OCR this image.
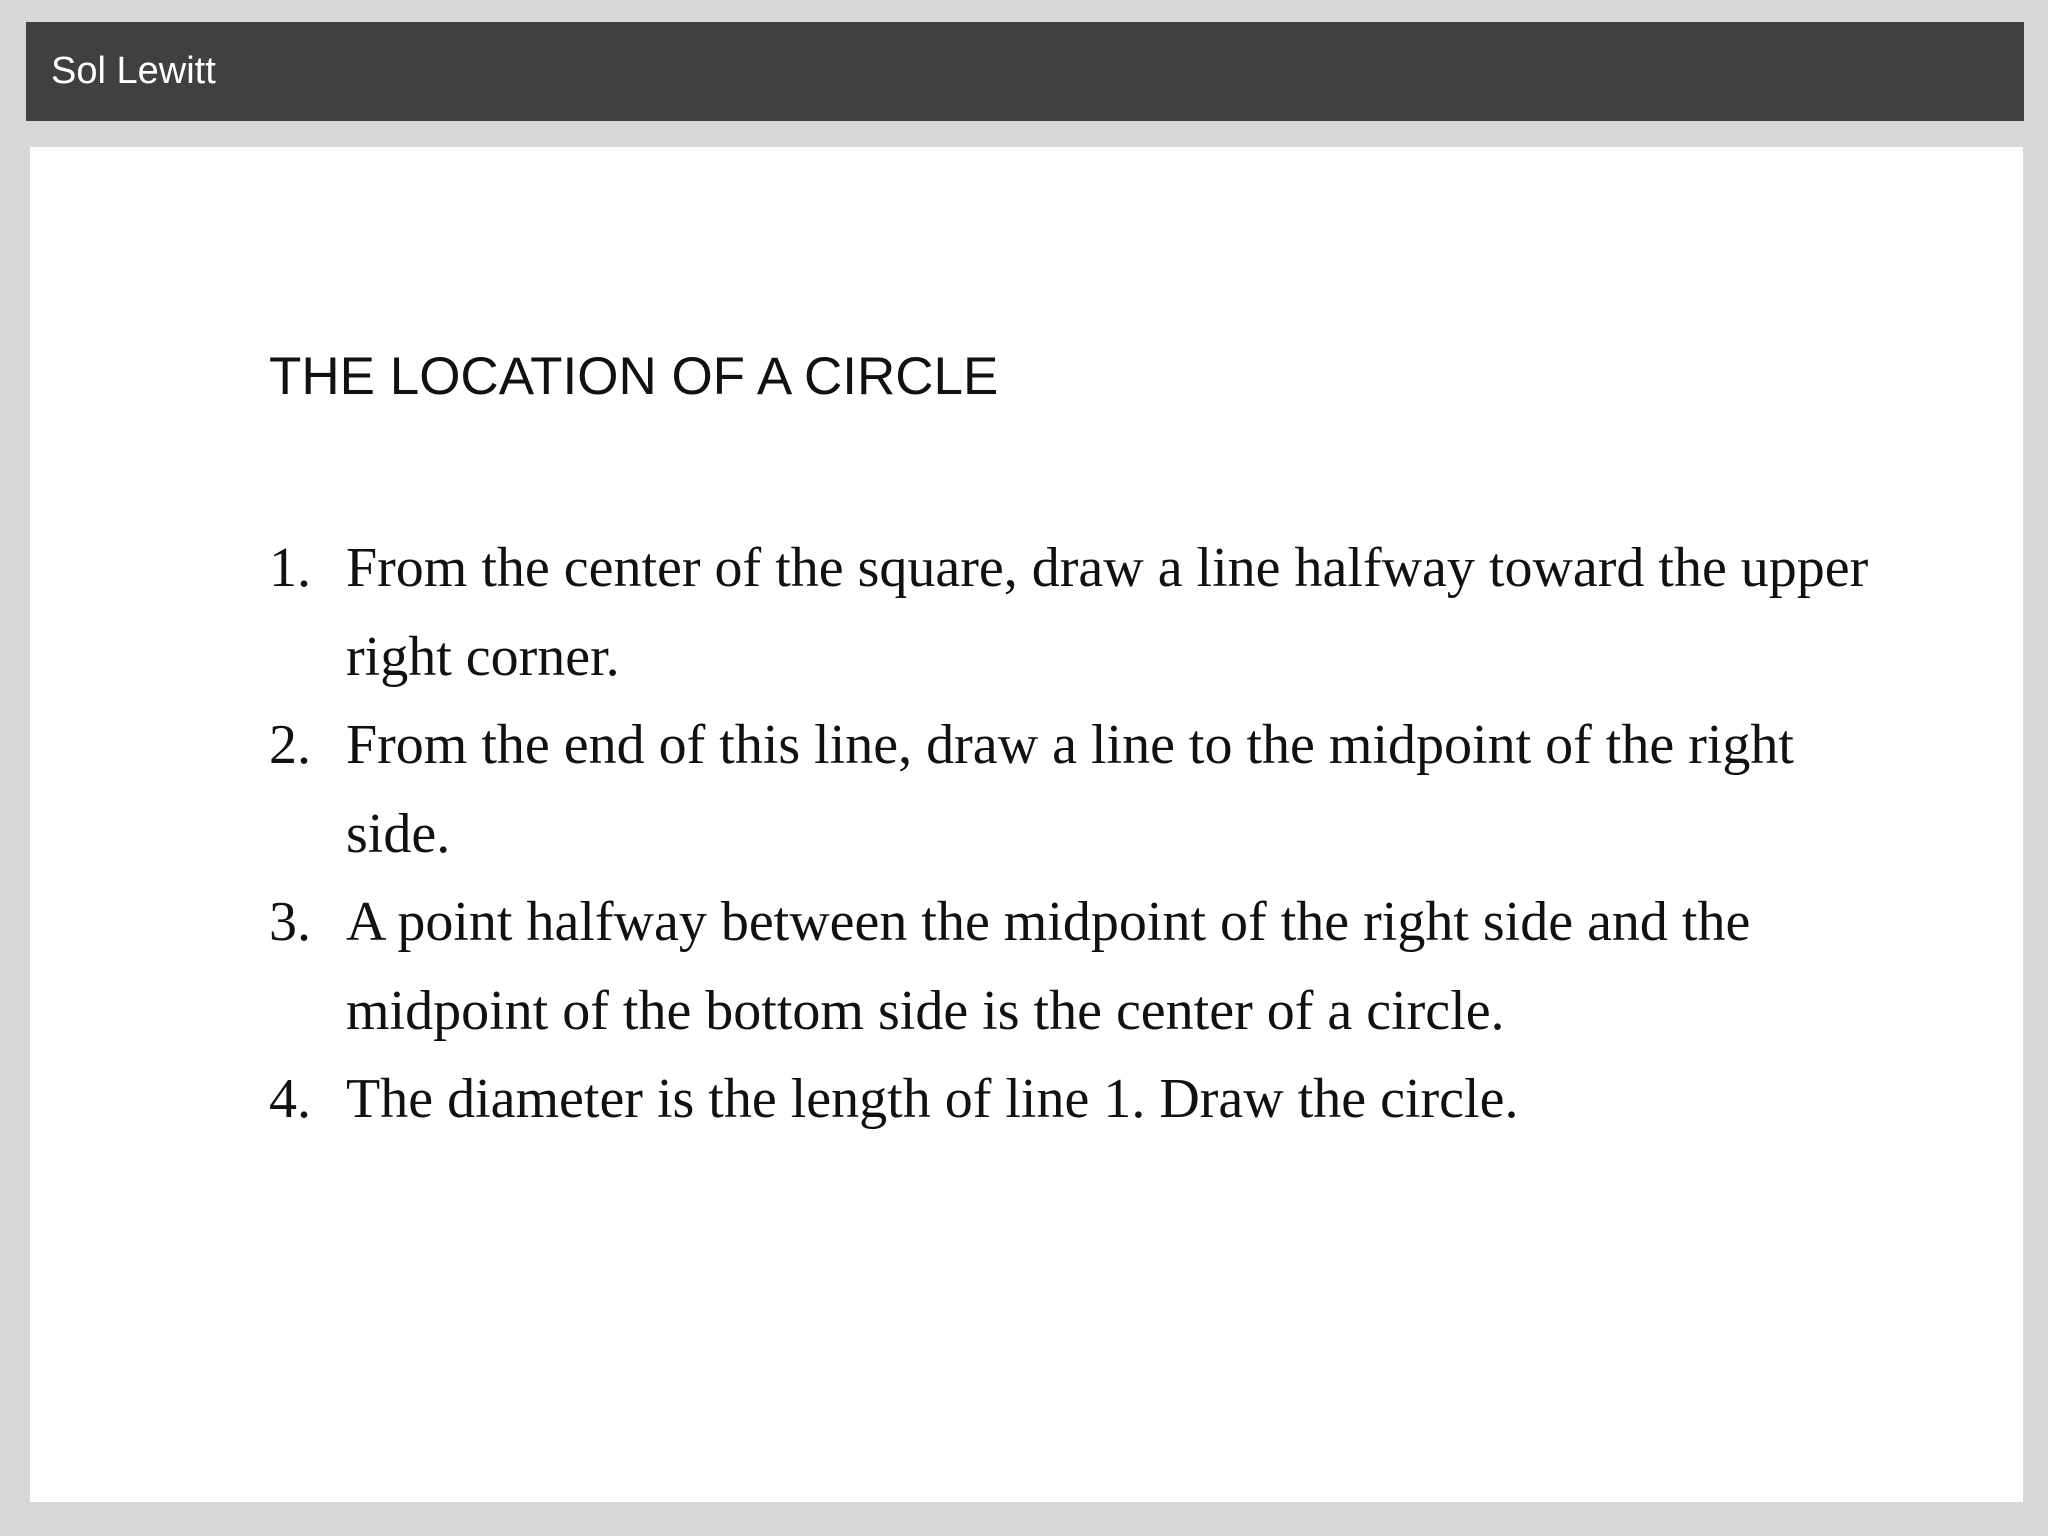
Sol Lewitt
THE LOCATION OF A CIRCLE
1. From the center of the square, draw a line halfway toward the upper right corner.
2. From the end of this line, draw a line to the midpoint of the right side.
3. A point halfway between the midpoint of the right side and the midpoint of the bottom side is the center of a circle.
4. The diameter is the length of line 1. Draw the circle.
